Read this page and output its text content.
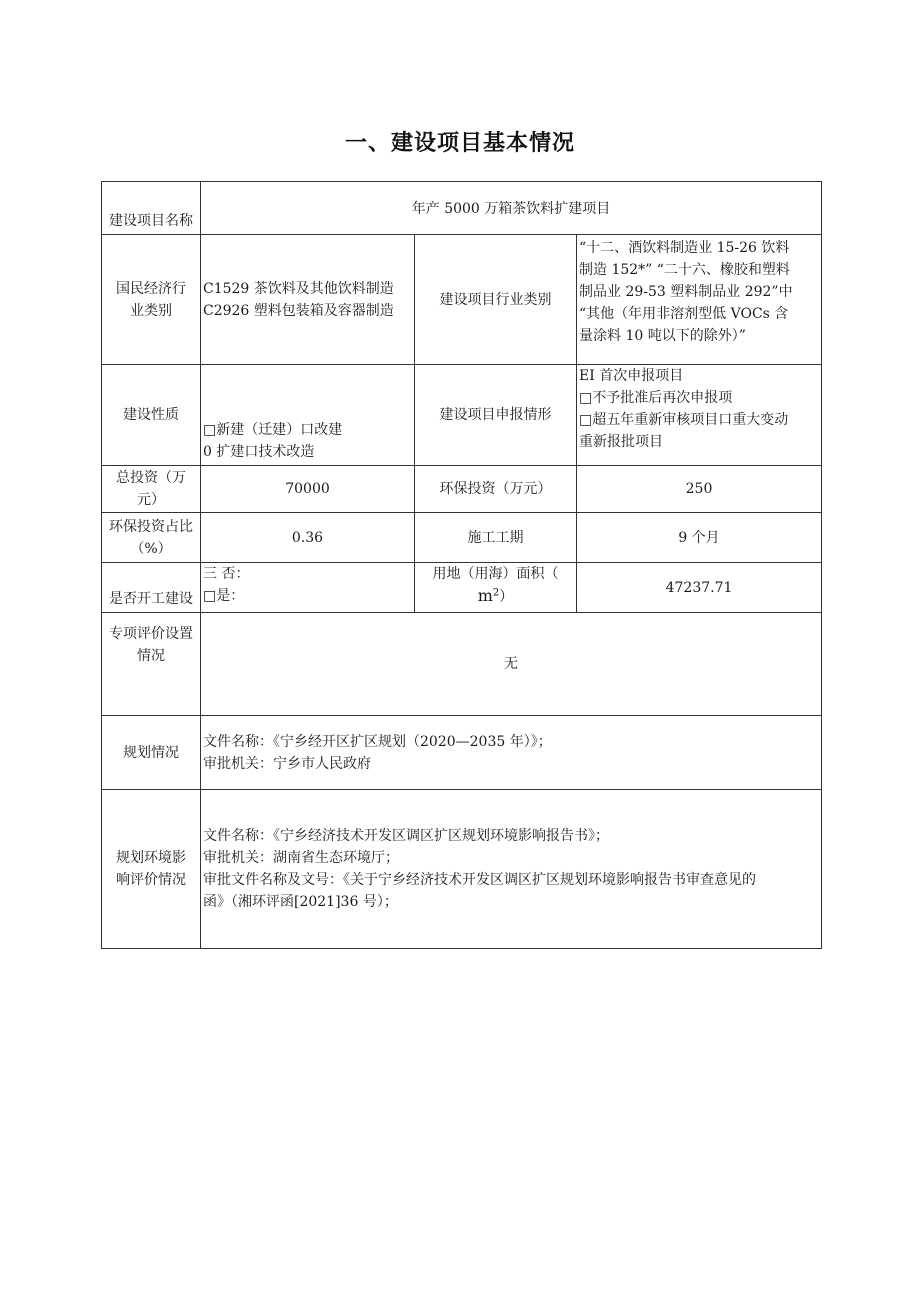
一、建设项目基本情况
建设项目名称	年产 5000 万箱茶饮料扩建项目		

国民经济行
业类别	C1529 茶饮料及其他饮料制造
C2926 塑料包装箱及容器制造	建设项目行业类别	“十二、酒饮料制造业 15-26 饮料
制造 152*” “二十六、橡胶和塑料
制品业 29-53 塑料制品业 292”中
“其他（年用非溶剂型低 VOCs 含
量涂料 10 吨以下的除外）”

建设性质	□新建（迁建）口改建
0 扩建口技术改造	建设项目申报情形	EI 首次申报项目
□不予批准后再次申报项
□超五年重新审核项目口重大变动
重新报批项目

总投资（万
元）	70000	环保投资（万元）	250

环保投资占比
（%）	0.36	施工工期	9 个月
是否开工建设	三 否：
□是：	用地（用海）面积（
$m^2$）	47237.71

专项评价设置
情况	无		
规划情况	文件名称：《宁乡经开区扩区规划（2020—2035 年）》；
审批机关：宁乡市人民政府		

规划环境影
响评价情况	文件名称：《宁乡经济技术开发区调区扩区规划环境影响报告书》；
审批机关：湖南省生态环境厅；
审批文件名称及文号：《关于宁乡经济技术开发区调区扩区规划环境影响报告书审查意见的
函》（湘环评函[2021]36 号）；		
